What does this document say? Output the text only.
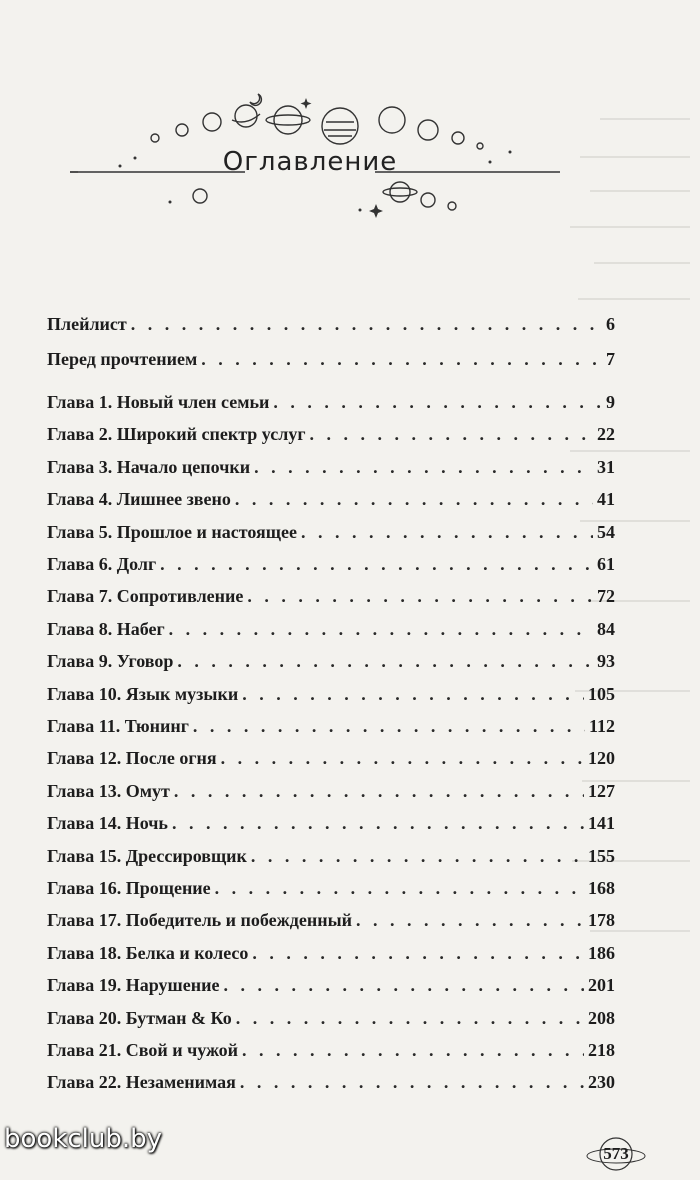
Оглавление
Плейлист . . .	6
Перед прочтением . . .	7
Глава 1. Новый член семьи . . .	9
Глава 2. Широкий спектр услуг . . .	22
Глава 3. Начало цепочки . . .	31
Глава 4. Лишнее звено . . .	41
Глава 5. Прошлое и настоящее . . .	54
Глава 6. Долг . . .	61
Глава 7. Сопротивление . . .	72
Глава 8. Набег . . .	84
Глава 9. Уговор . . .	93
Глава 10. Язык музыки . . .	105
Глава 11. Тюнинг . . .	112
Глава 12. После огня . . .	120
Глава 13. Омут . . .	127
Глава 14. Ночь . . .	141
Глава 15. Дрессировщик . . .	155
Глава 16. Прощение . . .	168
Глава 17. Победитель и побежденный . . .	178
Глава 18. Белка и колесо . . .	186
Глава 19. Нарушение . . .	201
Глава 20. Бутман & Ко . . .	208
Глава 21. Свой и чужой . . .	218
Глава 22. Незаменимая . . .	230
bookclub.by	573
